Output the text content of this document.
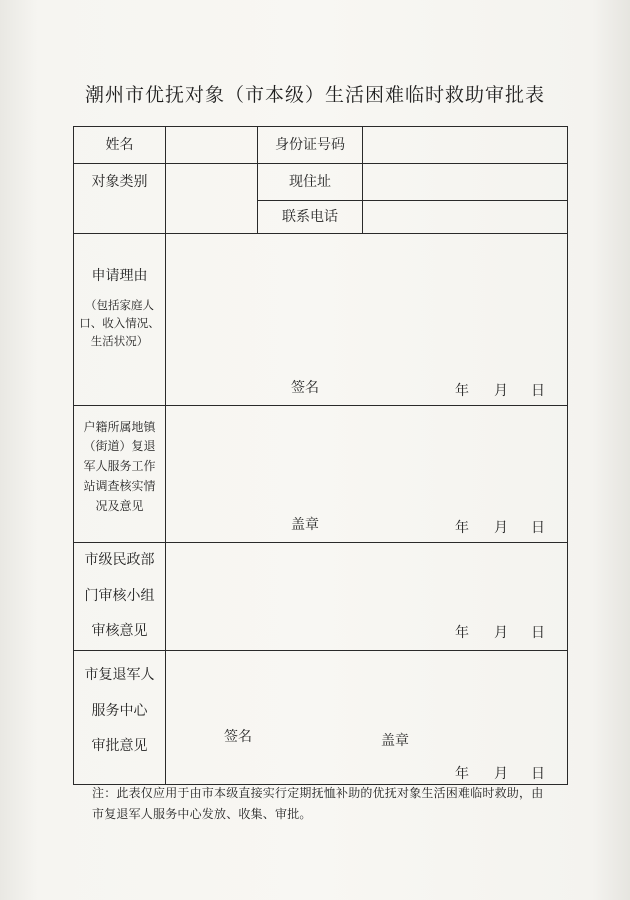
潮州市优抚对象（市本级）生活困难临时救助审批表
姓名		身份证号码	
对象类别		现住址	
		联系电话	

申请理由
（包括家庭人
口、收入情况、
生活状况）	签名 年 月 日		

户籍所属地镇
（街道）复退
军人服务工作
站调查核实情
况及意见	盖章 年 月 日		

市级民政部
门审核小组
审核意见	年 月 日		

市复退军人
服务中心
审批意见	签名 盖章
年 月 日		
注：此表仅应用于由市本级直接实行定期抚恤补助的优抚对象生活困难临时救助，由市复退军人服务中心发放、收集、审批。
